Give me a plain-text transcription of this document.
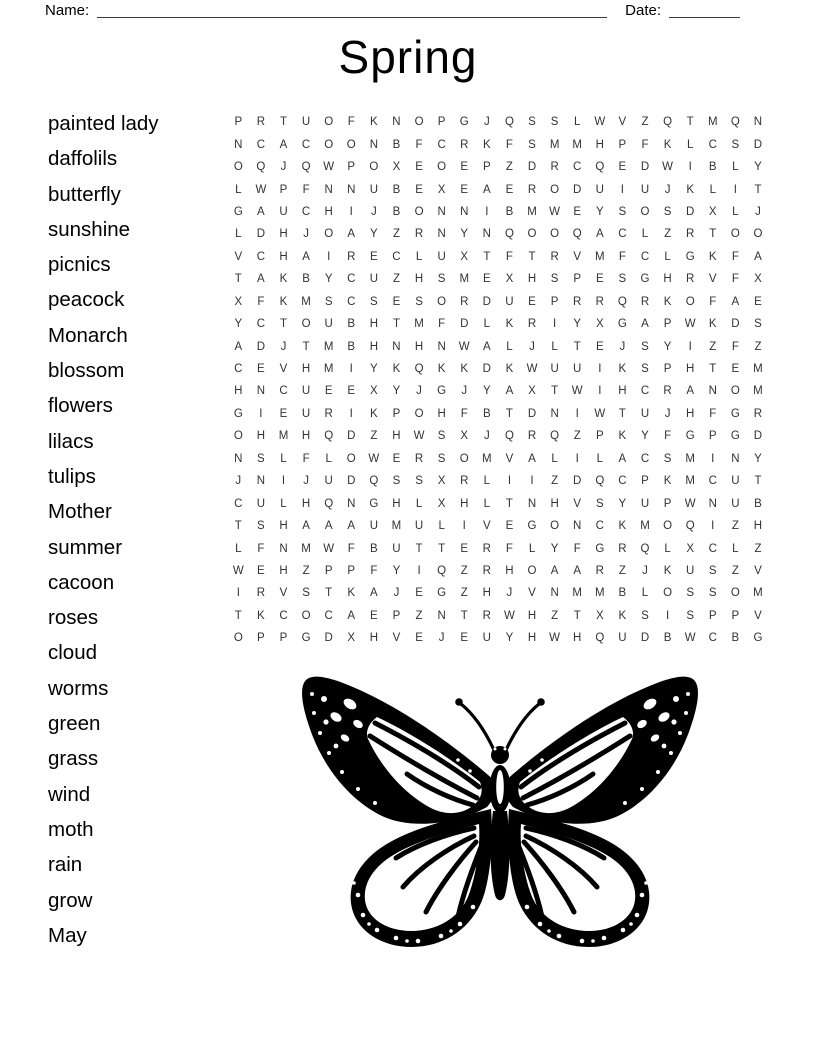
Name:	Date:
Spring
painted lady
daffolils
butterfly
sunshine
picnics
peacock
Monarch
blossom
flowers
lilacs
tulips
Mother
summer
cacoon
roses
cloud
worms
green
grass
wind
moth
rain
grow
May
P	R	T	U	O	F	K	N	O	P	G	J	Q	S	S	L	W	V	Z	Q	T	M	Q	N
N	C	A	C	O	O	N	B	F	C	R	K	F	S	M	M	H	P	F	K	L	C	S	D
O	Q	J	Q	W	P	O	X	E	O	E	P	Z	D	R	C	Q	E	D	W	I	B	L	Y
L	W	P	F	N	N	U	B	E	X	E	A	E	R	O	D	U	I	U	J	K	L	I	T
G	A	U	C	H	I	J	B	O	N	N	I	B	M	W	E	Y	S	O	S	D	X	L	J
L	D	H	J	O	A	Y	Z	R	N	Y	N	Q	O	O	Q	A	C	L	Z	R	T	O	O
V	C	H	A	I	R	E	C	L	U	X	T	F	T	R	V	M	F	C	L	G	K	F	A
T	A	K	B	Y	C	U	Z	H	S	M	E	X	H	S	P	E	S	G	H	R	V	F	X
X	F	K	M	S	C	S	E	S	O	R	D	U	E	P	R	R	Q	R	K	O	F	A	E
Y	C	T	O	U	B	H	T	M	F	D	L	K	R	I	Y	X	G	A	P	W	K	D	S
A	D	J	T	M	B	H	N	H	N	W	A	L	J	L	T	E	J	S	Y	I	Z	F	Z
C	E	V	H	M	I	Y	K	Q	K	K	D	K	W	U	U	I	K	S	P	H	T	E	M
H	N	C	U	E	E	X	Y	J	G	J	Y	A	X	T	W	I	H	C	R	A	N	O	M
G	I	E	U	R	I	K	P	O	H	F	B	T	D	N	I	W	T	U	J	H	F	G	R
O	H	M	H	Q	D	Z	H	W	S	X	J	Q	R	Q	Z	P	K	Y	F	G	P	G	D
N	S	L	F	L	O	W	E	R	S	O	M	V	A	L	I	L	A	C	S	M	I	N	Y
J	N	I	J	U	D	Q	S	S	X	R	L	I	I	Z	D	Q	C	P	K	M	C	U	T
C	U	L	H	Q	N	G	H	L	X	H	L	T	N	H	V	S	Y	U	P	W	N	U	B
T	S	H	A	A	A	U	M	U	L	I	V	E	G	O	N	C	K	M	O	Q	I	Z	H
L	F	N	M	W	F	B	U	T	T	E	R	F	L	Y	F	G	R	Q	L	X	C	L	Z
W	E	H	Z	P	P	F	Y	I	Q	Z	R	H	O	A	A	R	Z	J	K	U	S	Z	V
I	R	V	S	T	K	A	J	E	G	Z	H	J	V	N	M	M	B	L	O	S	S	O	M
T	K	C	O	C	A	E	P	Z	N	T	R	W	H	Z	T	X	K	S	I	S	P	P	V
O	P	P	G	D	X	H	V	E	J	E	U	Y	H	W	H	Q	U	D	B	W	C	B	G
